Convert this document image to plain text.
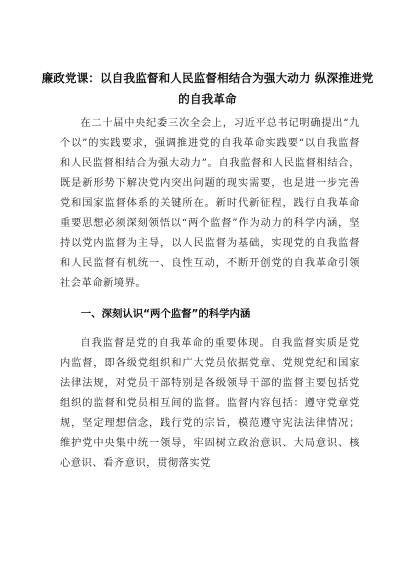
廉政党课：以自我监督和人民监督相结合为强大动力 纵深推进党的自我革命

在二十届中央纪委三次全会上，习近平总书记明确提出“九个以”的实践要求，强调推进党的自我革命实践要“以自我监督和人民监督相结合为强大动力”。自我监督和人民监督相结合，既是新形势下解决党内突出问题的现实需要，也是进一步完善党和国家监督体系的关键所在。新时代新征程，践行自我革命重要思想必须深刻领悟以“两个监督”作为动力的科学内涵，坚持以党内监督为主导，以人民监督为基础，实现党的自我监督和人民监督有机统一、良性互动，不断开创党的自我革命引领社会革命新境界。

一、深刻认识“两个监督”的科学内涵

自我监督是党的自我革命的重要体现。自我监督实质是党内监督，即各级党组织和广大党员依据党章、党规党纪和国家法律法规，对党员干部特别是各级领导干部的监督主要包括党组织的监督和党员相互间的监督。监督内容包括：遵守党章党规，坚定理想信念，践行党的宗旨，模范遵守宪法法律情况；维护党中央集中统一领导，牢固树立政治意识、大局意识、核心意识、看齐意识，贯彻落实党
